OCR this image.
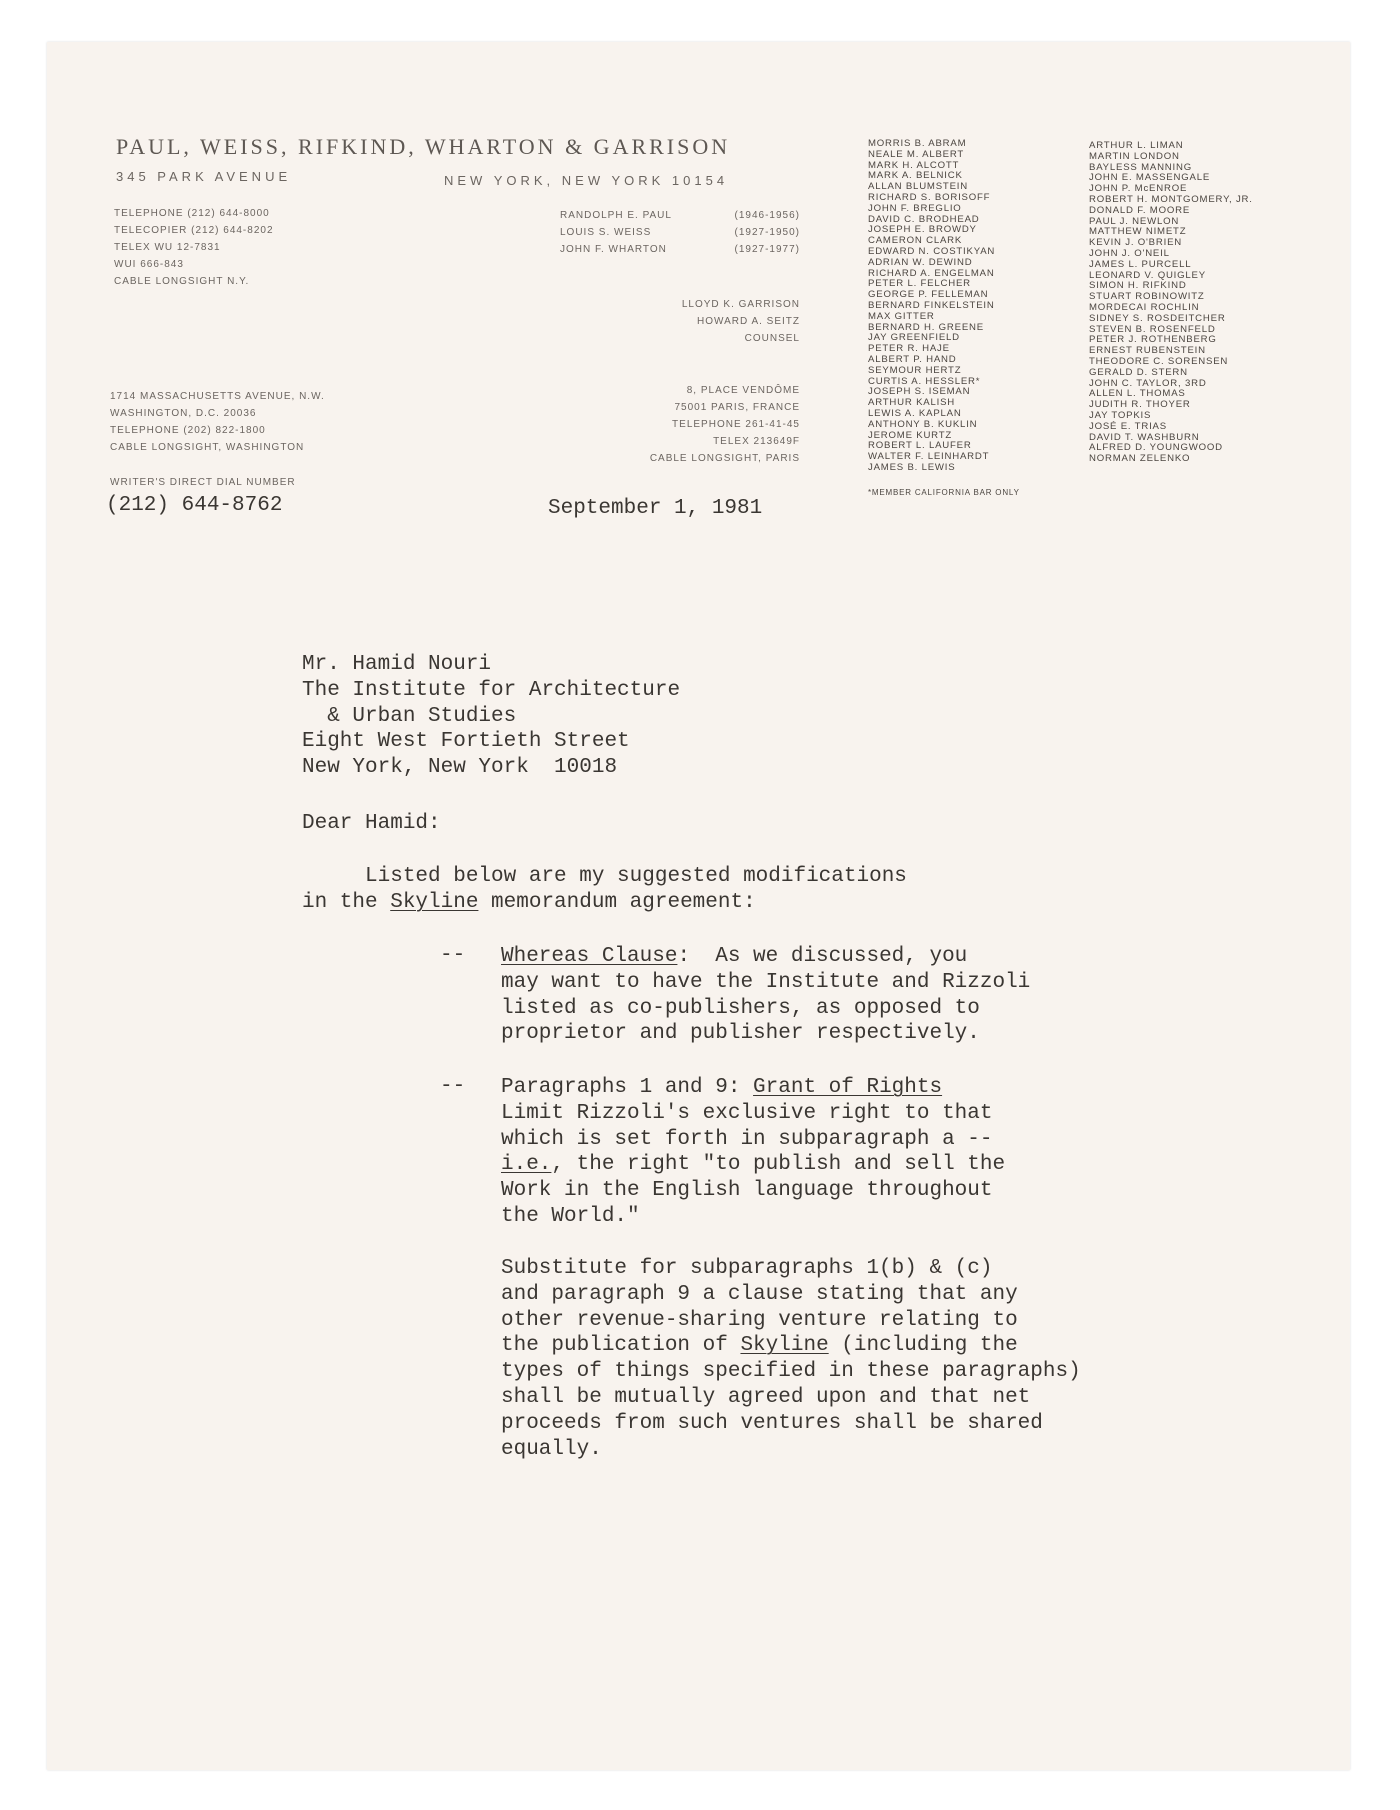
PAUL, WEISS, RIFKIND, WHARTON & GARRISON
345 PARK AVENUE	NEW YORK, NEW YORK 10154
TELEPHONE (212) 644-8000
TELECOPIER (212) 644-8202
TELEX WU 12-7831
WUI 666-843
CABLE LONGSIGHT N.Y.
RANDOLPH E. PAUL	(1946-1956)
LOUIS S. WEISS	(1927-1950)
JOHN F. WHARTON	(1927-1977)
LLOYD K. GARRISON
HOWARD A. SEITZ
COUNSEL
1714 MASSACHUSETTS AVENUE, N.W.
WASHINGTON, D.C. 20036
TELEPHONE (202) 822-1800
CABLE LONGSIGHT, WASHINGTON
8, PLACE VENDÔME
75001 PARIS, FRANCE
TELEPHONE 261-41-45
TELEX 213649F
CABLE LONGSIGHT, PARIS
WRITER'S DIRECT DIAL NUMBER
(212) 644-8762	September 1, 1981
MORRIS B. ABRAM
NEALE M. ALBERT
MARK H. ALCOTT
MARK A. BELNICK
ALLAN BLUMSTEIN
RICHARD S. BORISOFF
JOHN F. BREGLIO
DAVID C. BRODHEAD
JOSEPH E. BROWDY
CAMERON CLARK
EDWARD N. COSTIKYAN
ADRIAN W. DEWIND
RICHARD A. ENGELMAN
PETER L. FELCHER
GEORGE P. FELLEMAN
BERNARD FINKELSTEIN
MAX GITTER
BERNARD H. GREENE
JAY GREENFIELD
PETER R. HAJE
ALBERT P. HAND
SEYMOUR HERTZ
CURTIS A. HESSLER*
JOSEPH S. ISEMAN
ARTHUR KALISH
LEWIS A. KAPLAN
ANTHONY B. KUKLIN
JEROME KURTZ
ROBERT L. LAUFER
WALTER F. LEINHARDT
JAMES B. LEWIS
ARTHUR L. LIMAN
MARTIN LONDON
BAYLESS MANNING
JOHN E. MASSENGALE
JOHN P. McENROE
ROBERT H. MONTGOMERY, JR.
DONALD F. MOORE
PAUL J. NEWLON
MATTHEW NIMETZ
KEVIN J. O'BRIEN
JOHN J. O'NEIL
JAMES L. PURCELL
LEONARD V. QUIGLEY
SIMON H. RIFKIND
STUART ROBINOWITZ
MORDECAI ROCHLIN
SIDNEY S. ROSDEITCHER
STEVEN B. ROSENFELD
PETER J. ROTHENBERG
ERNEST RUBENSTEIN
THEODORE C. SORENSEN
GERALD D. STERN
JOHN C. TAYLOR, 3RD
ALLEN L. THOMAS
JUDITH R. THOYER
JAY TOPKIS
JOSÉ E. TRIAS
DAVID T. WASHBURN
ALFRED D. YOUNGWOOD
NORMAN ZELENKO
*MEMBER CALIFORNIA BAR ONLY
Mr. Hamid Nouri
The Institute for Architecture
& Urban Studies
Eight West Fortieth Street
New York, New York  10018
Dear Hamid:
Listed below are my suggested modifications
in the Skyline memorandum agreement:
-- Whereas Clause:  As we discussed, you
may want to have the Institute and Rizzoli
listed as co-publishers, as opposed to
proprietor and publisher respectively.
-- Paragraphs 1 and 9: Grant of Rights
Limit Rizzoli's exclusive right to that
which is set forth in subparagraph a --
i.e., the right "to publish and sell the
Work in the English language throughout
the World."
Substitute for subparagraphs 1(b) & (c)
and paragraph 9 a clause stating that any
other revenue-sharing venture relating to
the publication of Skyline (including the
types of things specified in these paragraphs)
shall be mutually agreed upon and that net
proceeds from such ventures shall be shared
equally.
